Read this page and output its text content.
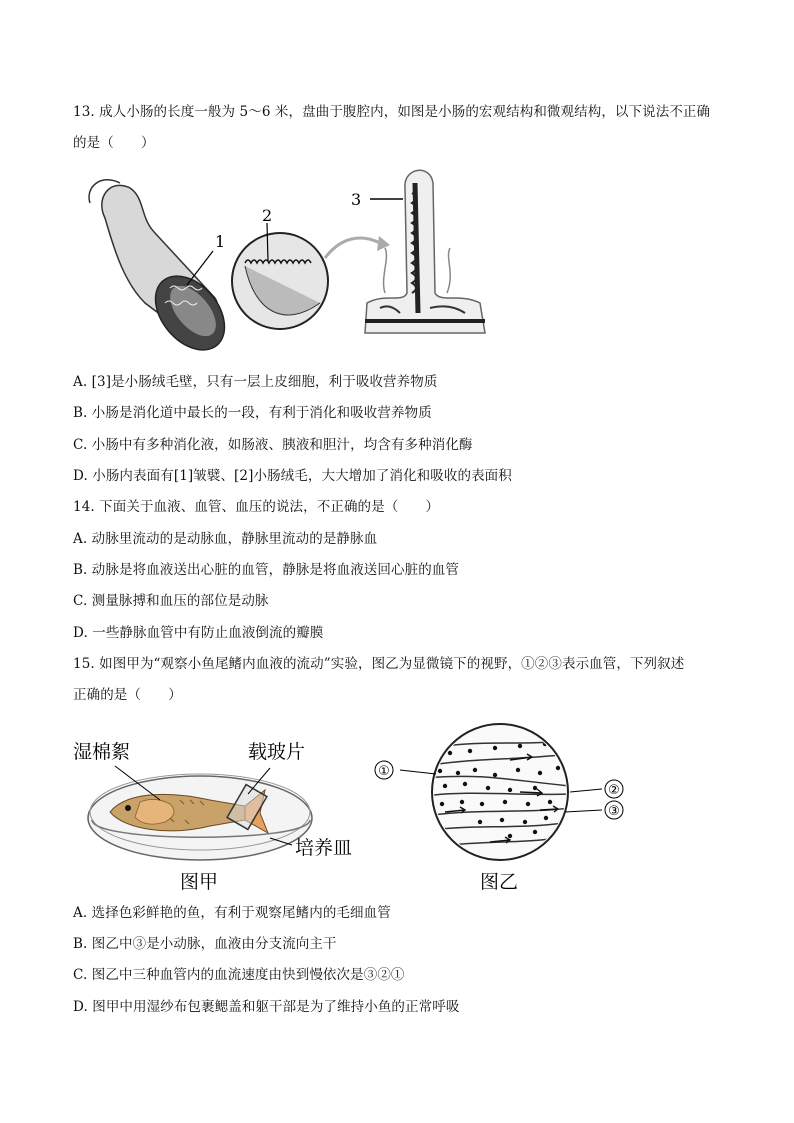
13. 成人小肠的长度一般为 5～6 米，盘曲于腹腔内，如图是小肠的宏观结构和微观结构，以下说法不正确
的是（　　）
1
2
3
A. [3]是小肠绒毛壁，只有一层上皮细胞，利于吸收营养物质
B. 小肠是消化道中最长的一段，有利于消化和吸收营养物质
C. 小肠中有多种消化液，如肠液、胰液和胆汁，均含有多种消化酶
D. 小肠内表面有[1]皱襞、[2]小肠绒毛，大大增加了消化和吸收的表面积
14. 下面关于血液、血管、血压的说法，不正确的是（　　）
A. 动脉里流动的是动脉血，静脉里流动的是静脉血
B. 动脉是将血液送出心脏的血管，静脉是将血液送回心脏的血管
C. 测量脉搏和血压的部位是动脉
D. 一些静脉血管中有防止血液倒流的瓣膜
15. 如图甲为“观察小鱼尾鳍内血液的流动”实验，图乙为显微镜下的视野，①②③表示血管，下列叙述
正确的是（　　）
湿棉絮	载玻片
培养皿
图甲
①
②
③
图乙
A. 选择色彩鲜艳的鱼，有利于观察尾鳍内的毛细血管
B. 图乙中③是小动脉，血液由分支流向主干
C. 图乙中三种血管内的血流速度由快到慢依次是③②①
D. 图甲中用湿纱布包裹鳃盖和躯干部是为了维持小鱼的正常呼吸
